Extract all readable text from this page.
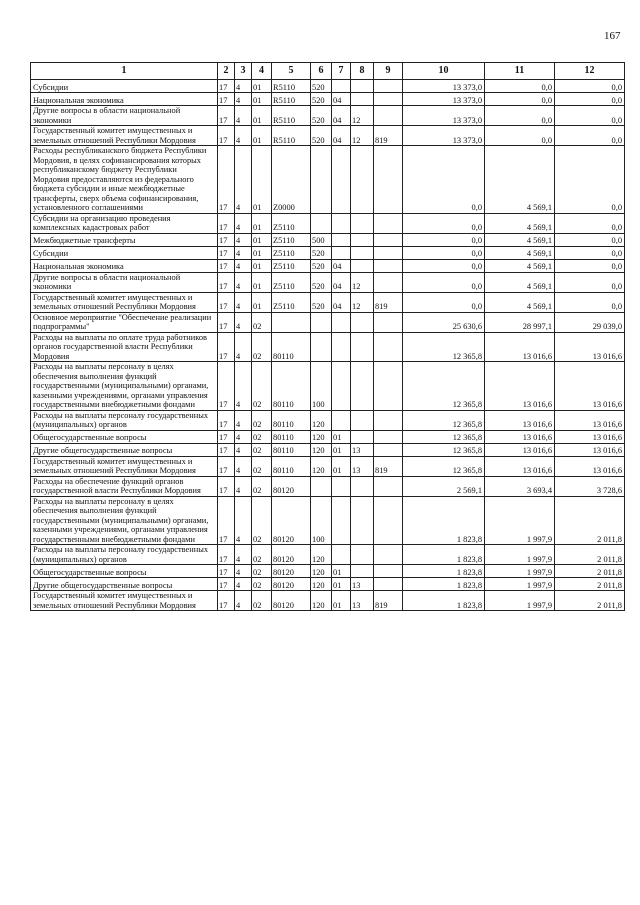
167
1	2	3	4	5	6	7	8	9	10	11	12
Субсидии	17	4	01	R5110	520				13 373,0	0,0	0,0
Национальная экономика	17	4	01	R5110	520	04			13 373,0	0,0	0,0
Другие вопросы в области национальной экономики	17	4	01	R5110	520	04	12		13 373,0	0,0	0,0
Государственный комитет имущественных и земельных отношений Республики Мордовия	17	4	01	R5110	520	04	12	819	13 373,0	0,0	0,0
Расходы республиканского бюджета Республики Мордовия, в целях софинансирования которых республиканскому бюджету Республики Мордовия предоставляются из федерального бюджета субсидии и иные межбюджетные трансферты, сверх объема софинансирования, установленного соглашениями	17	4	01	Z0000					0,0	4 569,1	0,0
Субсидии на организацию проведения комплексных кадастровых работ	17	4	01	Z5110					0,0	4 569,1	0,0
Межбюджетные трансферты	17	4	01	Z5110	500				0,0	4 569,1	0,0
Субсидии	17	4	01	Z5110	520				0,0	4 569,1	0,0
Национальная экономика	17	4	01	Z5110	520	04			0,0	4 569,1	0,0
Другие вопросы в области национальной экономики	17	4	01	Z5110	520	04	12		0,0	4 569,1	0,0
Государственный комитет имущественных и земельных отношений Республики Мордовия	17	4	01	Z5110	520	04	12	819	0,0	4 569,1	0,0
Основное мероприятие "Обеспечение реализации подпрограммы"	17	4	02						25 630,6	28 997,1	29 039,0
Расходы на выплаты по оплате труда работников органов государственной власти Республики Мордовия	17	4	02	80110					12 365,8	13 016,6	13 016,6
Расходы на выплаты персоналу в целях обеспечения выполнения функций государственными (муниципальными) органами, казенными учреждениями, органами управления государственными внебюджетными фондами	17	4	02	80110	100				12 365,8	13 016,6	13 016,6
Расходы на выплаты персоналу государственных (муниципальных) органов	17	4	02	80110	120				12 365,8	13 016,6	13 016,6
Общегосударственные вопросы	17	4	02	80110	120	01			12 365,8	13 016,6	13 016,6
Другие общегосударственные вопросы	17	4	02	80110	120	01	13		12 365,8	13 016,6	13 016,6
Государственный комитет имущественных и земельных отношений Республики Мордовия	17	4	02	80110	120	01	13	819	12 365,8	13 016,6	13 016,6
Расходы на обеспечение функций органов государственной власти Республики Мордовия	17	4	02	80120					2 569,1	3 693,4	3 728,6
Расходы на выплаты персоналу в целях обеспечения выполнения функций государственными (муниципальными) органами, казенными учреждениями, органами управления государственными внебюджетными фондами	17	4	02	80120	100				1 823,8	1 997,9	2 011,8
Расходы на выплаты персоналу государственных (муниципальных) органов	17	4	02	80120	120				1 823,8	1 997,9	2 011,8
Общегосударственные вопросы	17	4	02	80120	120	01			1 823,8	1 997,9	2 011,8
Другие общегосударственные вопросы	17	4	02	80120	120	01	13		1 823,8	1 997,9	2 011,8
Государственный комитет имущественных и земельных отношений Республики Мордовия	17	4	02	80120	120	01	13	819	1 823,8	1 997,9	2 011,8
